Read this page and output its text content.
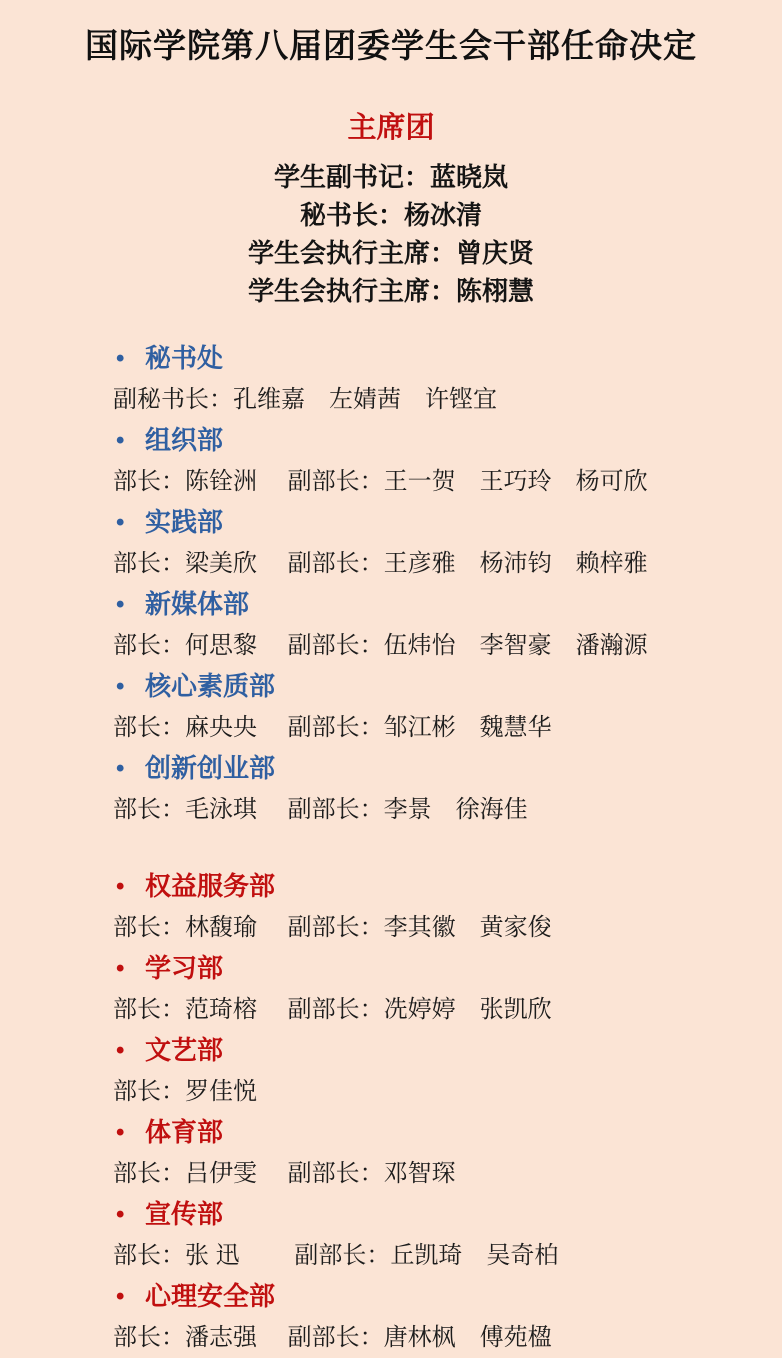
国际学院第八届团委学生会干部任命决定
主席团

学生副书记：蓝晓岚

秘书长：杨冰清

学生会执行主席：曾庆贤

学生会执行主席：陈栩慧

• 秘书处
副秘书长：孔维嘉　左婧茜　许铿宜
• 组织部
部长：陈铨洲　 副部长：王一贺　王巧玲　杨可欣
• 实践部
部长：梁美欣　 副部长：王彦雅　杨沛钧　赖梓雅
• 新媒体部
部长：何思黎　 副部长：伍炜怡　李智豪　潘瀚源
• 核心素质部
部长：麻央央　 副部长：邹江彬　魏慧华
• 创新创业部
部长：毛泳琪　 副部长：李景　徐海佳
• 权益服务部
部长：林馥瑜　 副部长：李其徽　黄家俊
• 学习部
部长：范琦榕　 副部长：冼婷婷　张凯欣
• 文艺部
部长：罗佳悦
• 体育部
部长：吕伊雯　 副部长：邓智琛
• 宣传部
部长：张 迅　　 副部长：丘凯琦　吴奇柏
• 心理安全部
部长：潘志强　 副部长：唐林枫　傅苑楹
